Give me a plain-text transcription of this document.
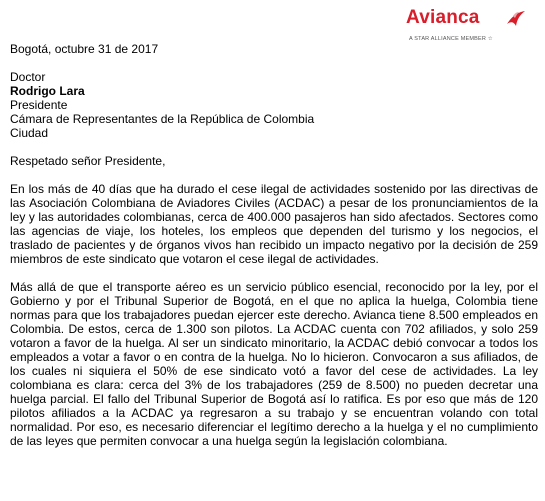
Avianca
A STAR ALLIANCE MEMBER ☆
Bogotá, octubre 31 de 2017
Doctor
Rodrigo Lara
Presidente
Cámara de Representantes de la República de Colombia
Ciudad
Respetado señor Presidente,
En los más de 40 días que ha durado el cese ilegal de actividades sostenido por las directivas de las Asociación Colombiana de Aviadores Civiles (ACDAC) a pesar de los pronunciamientos de la ley y las autoridades colombianas, cerca de 400.000 pasajeros han sido afectados. Sectores como las agencias de viaje, los hoteles, los empleos que dependen del turismo y los negocios, el traslado de pacientes y de órganos vivos han recibido un impacto negativo por la decisión de 259 miembros de este sindicato que votaron el cese ilegal de actividades.
Más allá de que el transporte aéreo es un servicio público esencial, reconocido por la ley, por el Gobierno y por el Tribunal Superior de Bogotá, en el que no aplica la huelga, Colombia tiene normas para que los trabajadores puedan ejercer este derecho. Avianca tiene 8.500 empleados en Colombia. De estos, cerca de 1.300 son pilotos. La ACDAC cuenta con 702 afiliados, y solo 259 votaron a favor de la huelga. Al ser un sindicato minoritario, la ACDAC debió convocar a todos los empleados a votar a favor o en contra de la huelga. No lo hicieron. Convocaron a sus afiliados, de los cuales ni siquiera el 50% de ese sindicato votó a favor del cese de actividades. La ley colombiana es clara: cerca del 3% de los trabajadores (259 de 8.500) no pueden decretar una huelga parcial. El fallo del Tribunal Superior de Bogotá así lo ratifica. Es por eso que más de 120 pilotos afiliados a la ACDAC ya regresaron a su trabajo y se encuentran volando con total normalidad. Por eso, es necesario diferenciar el legítimo derecho a la huelga y el no cumplimiento de las leyes que permiten convocar a una huelga según la legislación colombiana.
